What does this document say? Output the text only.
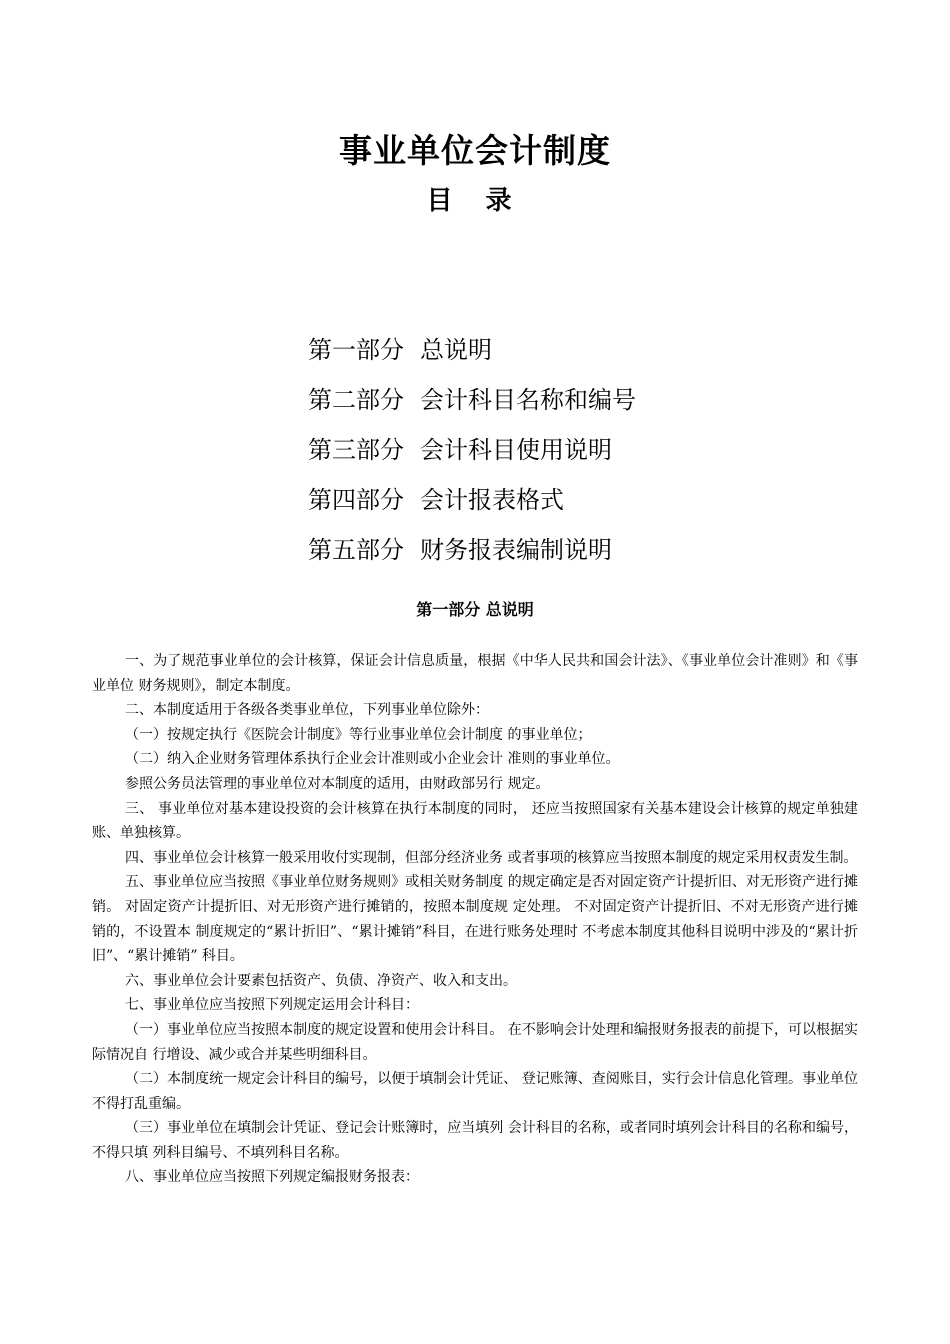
事业单位会计制度
目 录
第一部分 总说明
第二部分 会计科目名称和编号
第三部分 会计科目使用说明
第四部分 会计报表格式
第五部分 财务报表编制说明
第一部分 总说明

一、为了规范事业单位的会计核算，保证会计信息质量，根据《中华人民共和国会计法》、《事业单位会计准则》和《事业单位 财务规则》，制定本制度。

二、本制度适用于各级各类事业单位，下列事业单位除外：

（一）按规定执行《医院会计制度》等行业事业单位会计制度 的事业单位；

（二）纳入企业财务管理体系执行企业会计准则或小企业会计 准则的事业单位。

参照公务员法管理的事业单位对本制度的适用，由财政部另行 规定。

三、 事业单位对基本建设投资的会计核算在执行本制度的同时， 还应当按照国家有关基本建设会计核算的规定单独建账、单独核算。

四、事业单位会计核算一般采用收付实现制，但部分经济业务 或者事项的核算应当按照本制度的规定采用权责发生制。

五、事业单位应当按照《事业单位财务规则》或相关财务制度 的规定确定是否对固定资产计提折旧、对无形资产进行摊销。 对固定资产计提折旧、对无形资产进行摊销的，按照本制度规 定处理。 不对固定资产计提折旧、不对无形资产进行摊销的，不设置本 制度规定的“累计折旧”、“累计摊销”科目，在进行账务处理时 不考虑本制度其他科目说明中涉及的“累计折旧”、“累计摊销” 科目。

六、事业单位会计要素包括资产、负债、净资产、收入和支出。

七、事业单位应当按照下列规定运用会计科目：

（一）事业单位应当按照本制度的规定设置和使用会计科目。 在不影响会计处理和编报财务报表的前提下，可以根据实际情况自 行增设、减少或合并某些明细科目。

（二）本制度统一规定会计科目的编号，以便于填制会计凭证、 登记账簿、查阅账目，实行会计信息化管理。事业单位不得打乱重编。

（三）事业单位在填制会计凭证、登记会计账簿时，应当填列 会计科目的名称，或者同时填列会计科目的名称和编号，不得只填 列科目编号、不填列科目名称。

八、事业单位应当按照下列规定编报财务报表：
